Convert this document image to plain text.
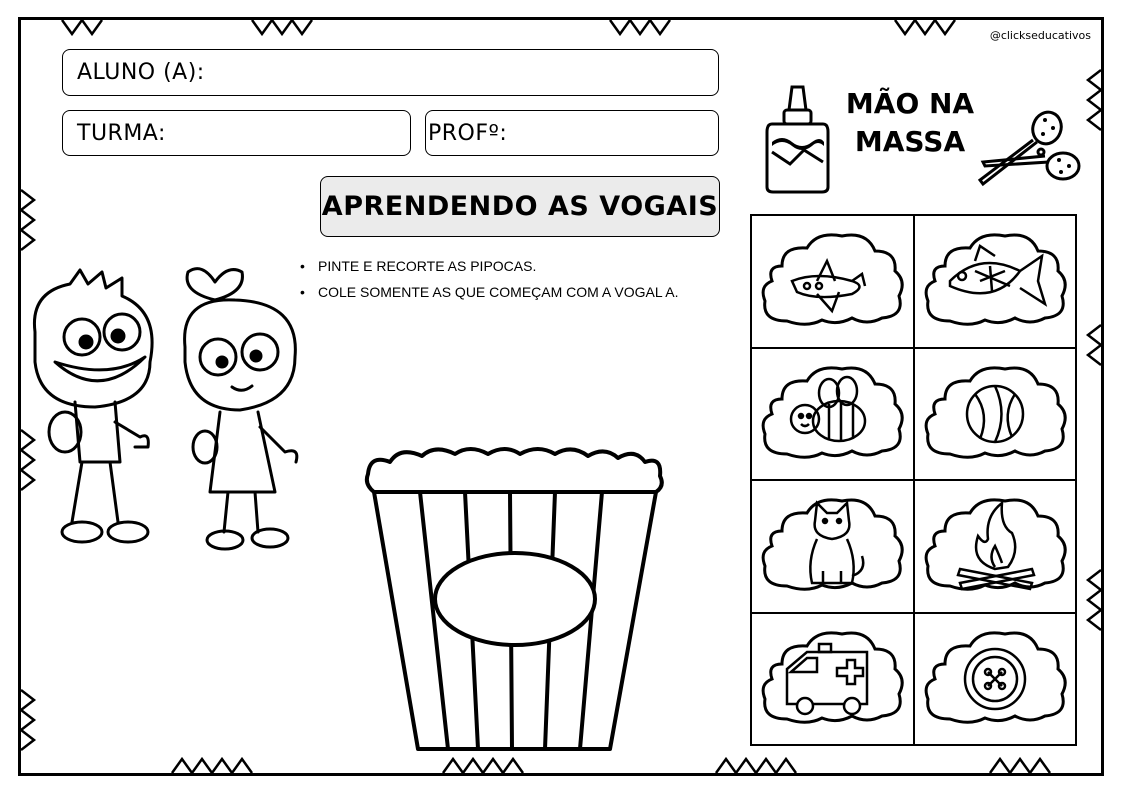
@clickseducativos
ALUNO (A):
TURMA:	PROFº:
APRENDENDO AS VOGAIS
• PINTE E RECORTE AS PIPOCAS.
• COLE SOMENTE AS QUE COMEÇAM COM A VOGAL A.
MÃO NA
MASSA
